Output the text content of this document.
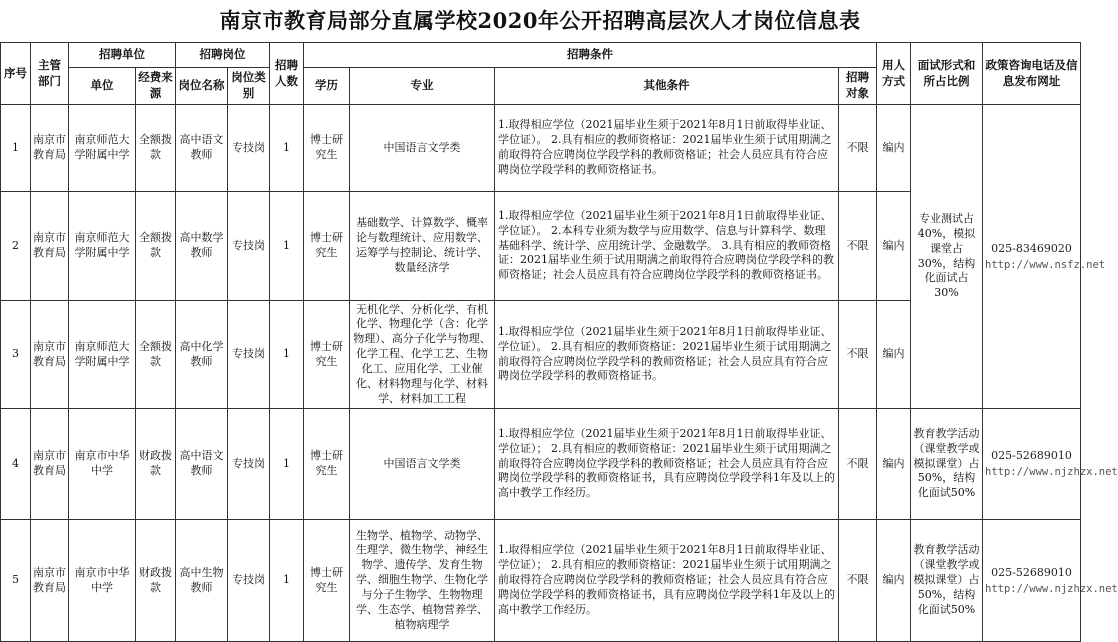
南京市教育局部分直属学校2020年公开招聘高层次人才岗位信息表
序号	主管部门	招聘单位		招聘岗位		招聘人数	招聘条件				用人方式	面试形式和所占比例	政策咨询电话及信息发布网址
		单位	经费来源	岗位名称	岗位类别		学历	专业	其他条件	招聘对象			
1	南京市教育局	南京师范大学附属中学	全额拨款	高中语文教师	专技岗	1	博士研究生	中国语言文学类	1.取得相应学位（2021届毕业生须于2021年8月1日前取得毕业证、学位证）。 2.具有相应的教师资格证：2021届毕业生须于试用期满之前取得符合应聘岗位学段学科的教师资格证；社会人员应具有符合应聘岗位学段学科的教师资格证书。	不限	编内	专业测试占40%，模拟课堂占30%，结构化面试占30%	025-83469020
http://www.nsfz.net

2	南京市教育局	南京师范大学附属中学	全额拨款	高中数学教师	专技岗	1	博士研究生	基础数学、计算数学、概率论与数理统计、应用数学、运筹学与控制论、统计学、数量经济学	1.取得相应学位（2021届毕业生须于2021年8月1日前取得毕业证、学位证）。 2.本科专业须为数学与应用数学、信息与计算科学、数理基础科学、统计学、应用统计学、金融数学。 3.具有相应的教师资格证：2021届毕业生须于试用期满之前取得符合应聘岗位学段学科的教师资格证；社会人员应具有符合应聘岗位学段学科的教师资格证书。	不限	编内		
3	南京市教育局	南京师范大学附属中学	全额拨款	高中化学教师	专技岗	1	博士研究生	无机化学、分析化学、有机化学、物理化学（含：化学物理）、高分子化学与物理、化学工程、化学工艺、生物化工、应用化学、工业催化、材料物理与化学、材料学、材料加工工程	1.取得相应学位（2021届毕业生须于2021年8月1日前取得毕业证、学位证）。 2.具有相应的教师资格证：2021届毕业生须于试用期满之前取得符合应聘岗位学段学科的教师资格证；社会人员应具有符合应聘岗位学段学科的教师资格证书。	不限	编内		
4	南京市教育局	南京市中华中学	财政拨款	高中语文教师	专技岗	1	博士研究生	中国语言文学类	1.取得相应学位（2021届毕业生须于2021年8月1日前取得毕业证、学位证）； 2.具有相应的教师资格证：2021届毕业生须于试用期满之前取得符合应聘岗位学段学科的教师资格证；社会人员应具有符合应聘岗位学段学科的教师资格证书，具有应聘岗位学段学科1年及以上的高中教学工作经历。	不限	编内	教育教学活动（课堂教学或模拟课堂）占50%，结构化面试50%	025-52689010
http://www.njzhzx.net

5	南京市教育局	南京市中华中学	财政拨款	高中生物教师	专技岗	1	博士研究生	生物学、植物学、动物学、生理学、微生物学、神经生物学、遗传学、发育生物学、细胞生物学、生物化学与分子生物学、生物物理学、生态学、植物营养学、植物病理学	1.取得相应学位（2021届毕业生须于2021年8月1日前取得毕业证、学位证）； 2.具有相应的教师资格证：2021届毕业生须于试用期满之前取得符合应聘岗位学段学科的教师资格证；社会人员应具有符合应聘岗位学段学科的教师资格证书，具有应聘岗位学段学科1年及以上的高中教学工作经历。	不限	编内	教育教学活动（课堂教学或模拟课堂）占50%，结构化面试50%	025-52689010
http://www.njzhzx.net
